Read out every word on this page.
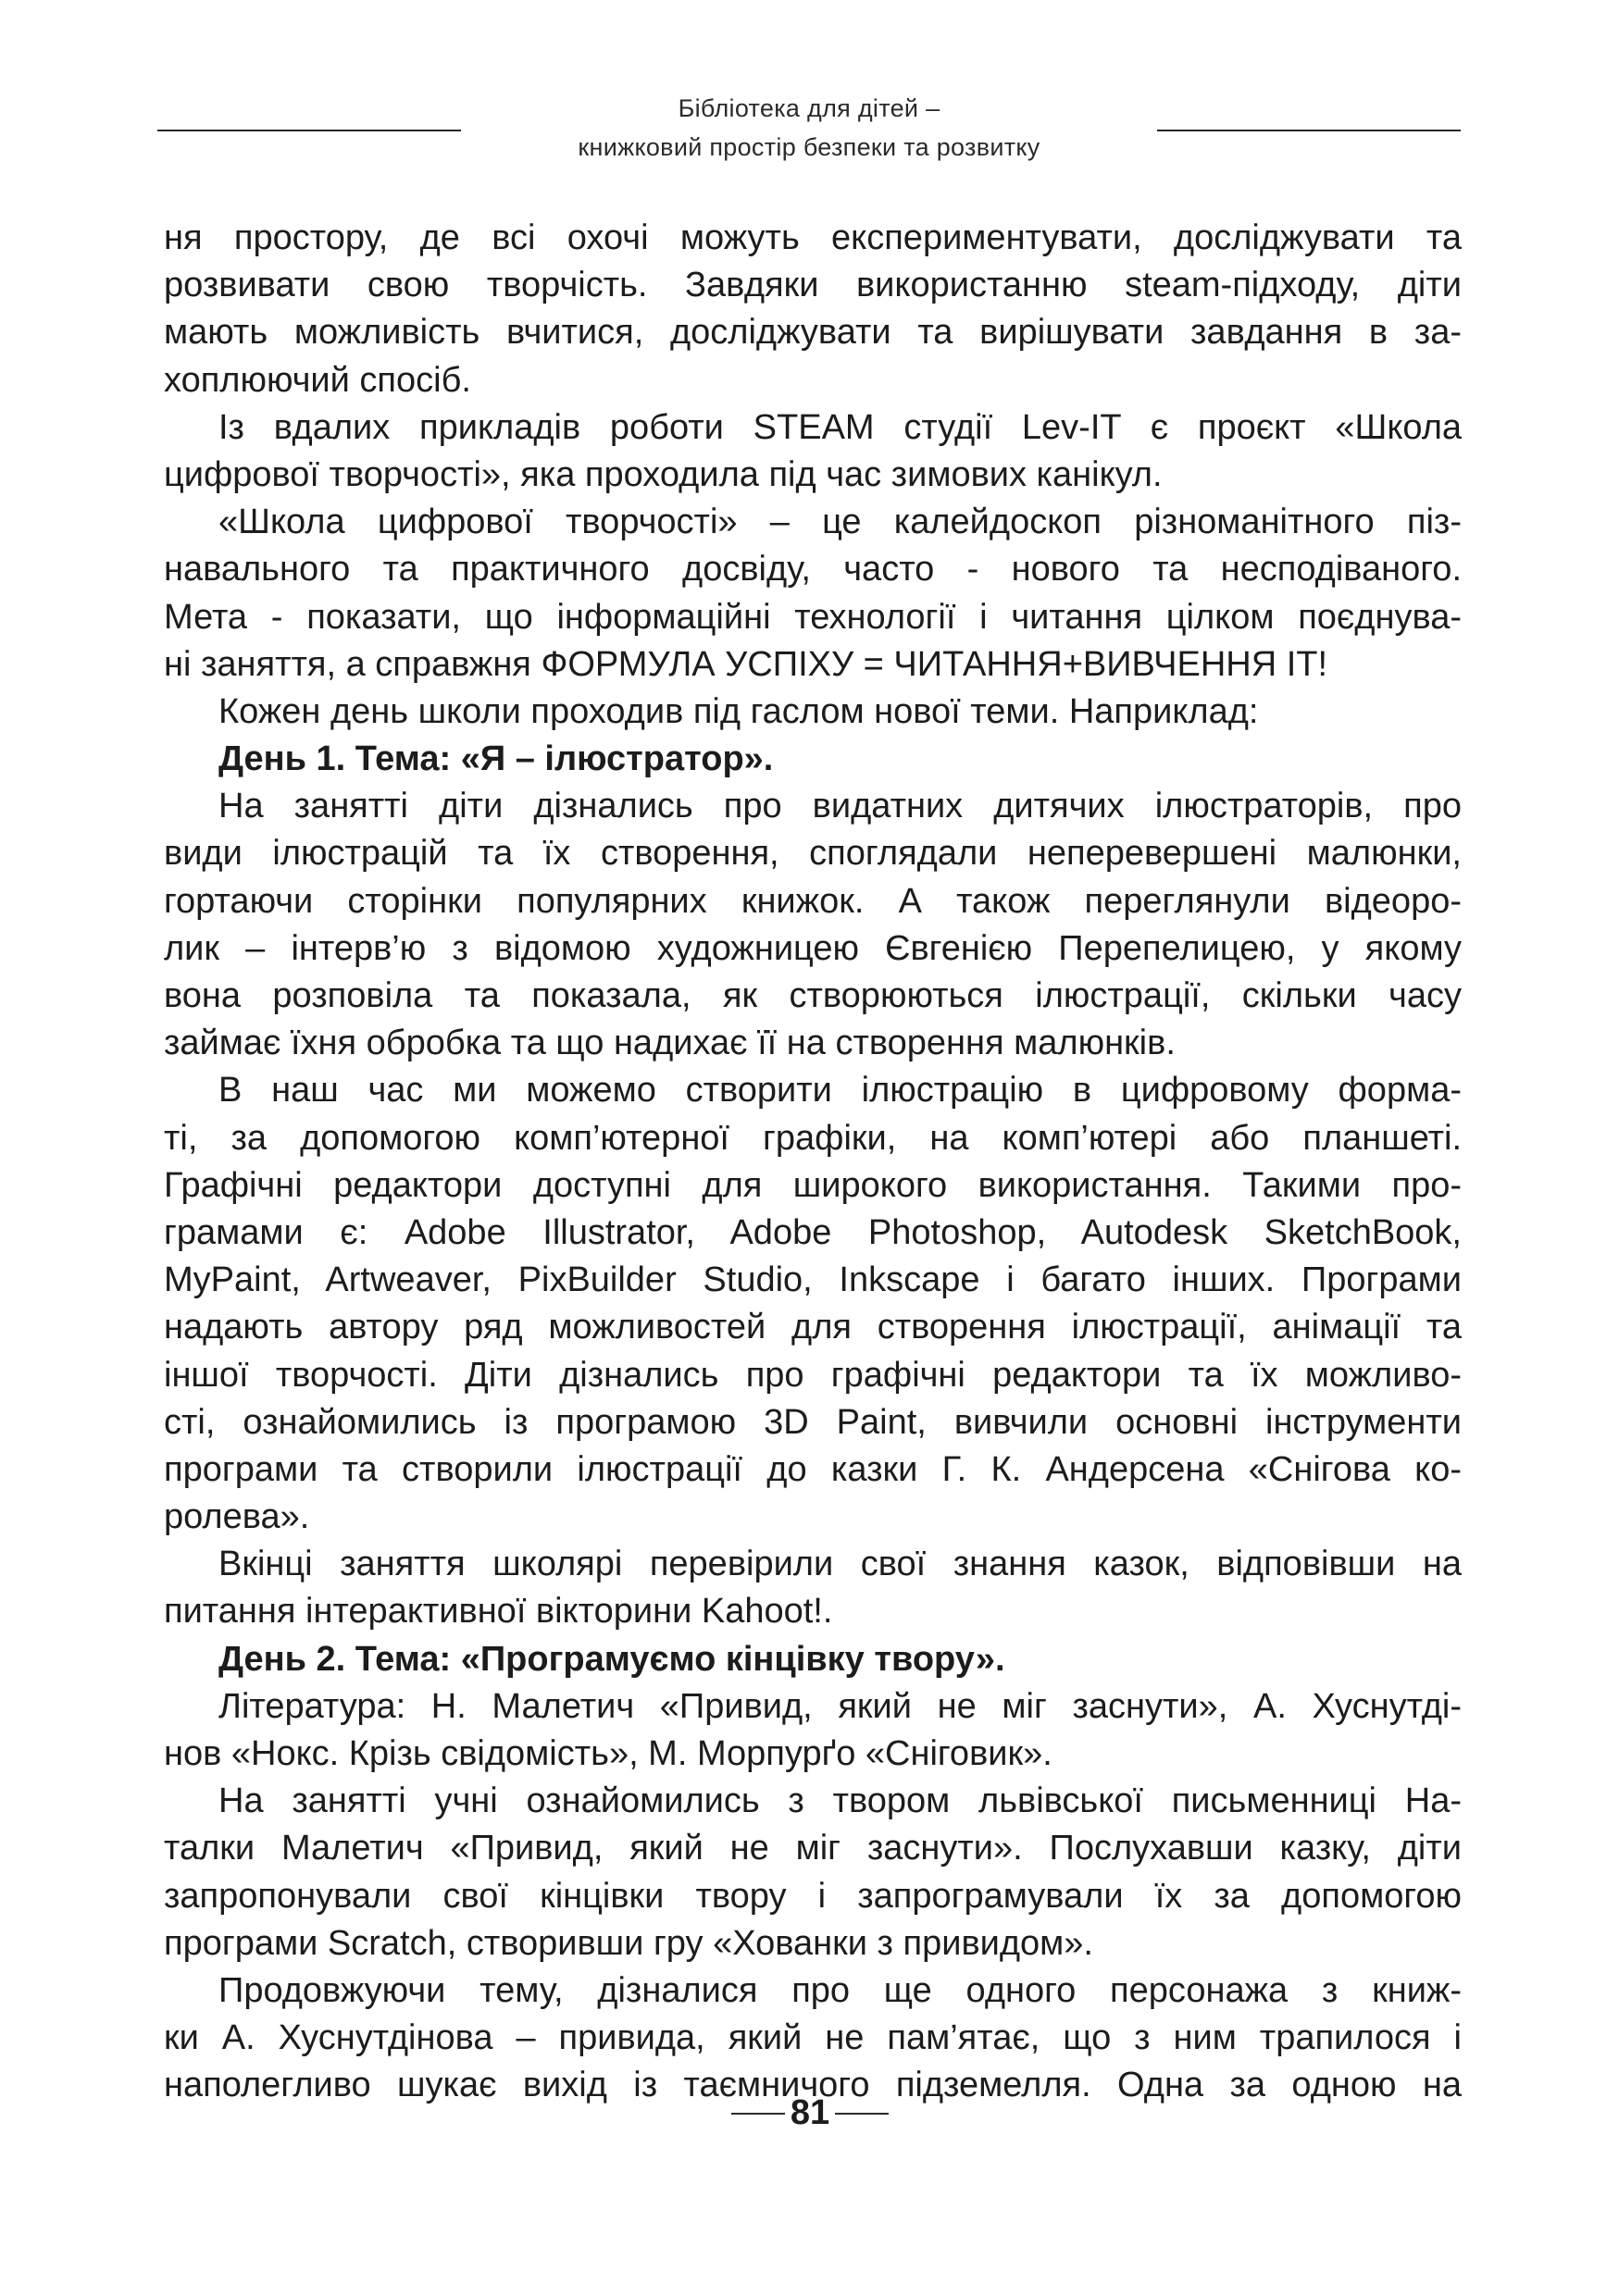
Бібліотека для дітей –
книжковий простір безпеки та розвитку
ня простору, де всі охочі можуть експериментувати, досліджувати та
розвивати свою творчість. Завдяки використанню steam-підходу, діти
мають можливість вчитися, досліджувати та вирішувати завдання в за-
хоплюючий спосіб.
Із вдалих прикладів роботи STEAM студії Lev-IT є проєкт «Школа
цифрової творчості», яка проходила під час зимових канікул.
«Школа цифрової творчості» – це калейдоскоп різноманітного піз-
навального та практичного досвіду, часто - нового та несподіваного.
Мета - показати, що інформаційні технології і читання цілком поєднува-
ні заняття, а справжня ФОРМУЛА УСПІХУ = ЧИТАННЯ+ВИВЧЕННЯ IT!
Кожен день школи проходив під гаслом нової теми. Наприклад:
День 1. Тема: «Я – ілюстратор».
На занятті діти дізнались про видатних дитячих ілюстраторів, про
види ілюстрацій та їх створення, споглядали неперевершені малюнки,
гортаючи сторінки популярних книжок. А також переглянули відеоро-
лик – інтерв’ю з відомою художницею Євгенією Перепелицею, у якому
вона розповіла та показала, як створюються ілюстрації, скільки часу
займає їхня обробка та що надихає її на створення малюнків.
В наш час ми можемо створити ілюстрацію в цифровому форма-
ті, за допомогою комп’ютерної графіки, на комп’ютері або планшеті.
Графічні редактори доступні для широкого використання. Такими про-
грамами є: Adobe Illustrator, Adobe Photoshop, Autodesk SketchBook,
MyPaint, Artweaver, PixBuilder Studio, Inkscape і багато інших. Програми
надають автору ряд можливостей для створення ілюстрації, анімації та
іншої творчості. Діти дізнались про графічні редактори та їх можливо-
сті, ознайомились із програмою 3D Paint, вивчили основні інструменти
програми та створили ілюстрації до казки Г. К. Андерсена «Снігова ко-
ролева».
Вкінці заняття школярі перевірили свої знання казок, відповівши на
питання інтерактивної вікторини Kahoot!.
День 2. Тема: «Програмуємо кінцівку твору».
Література: Н. Малетич «Привид, який не міг заснути», А. Хуснутді-
нов «Нокс. Крізь свідомість», М. Морпурґо «Сніговик».
На занятті учні ознайомились з твором львівської письменниці На-
талки Малетич «Привид, який не міг заснути». Послухавши казку, діти
запропонували свої кінцівки твору і запрограмували їх за допомогою
програми Scratch, створивши гру «Хованки з привидом».
Продовжуючи тему, дізналися про ще одного персонажа з книж-
ки А. Хуснутдінова – привида, який не пам’ятає, що з ним трапилося і
наполегливо шукає вихід із таємничого підземелля. Одна за одною на
81
